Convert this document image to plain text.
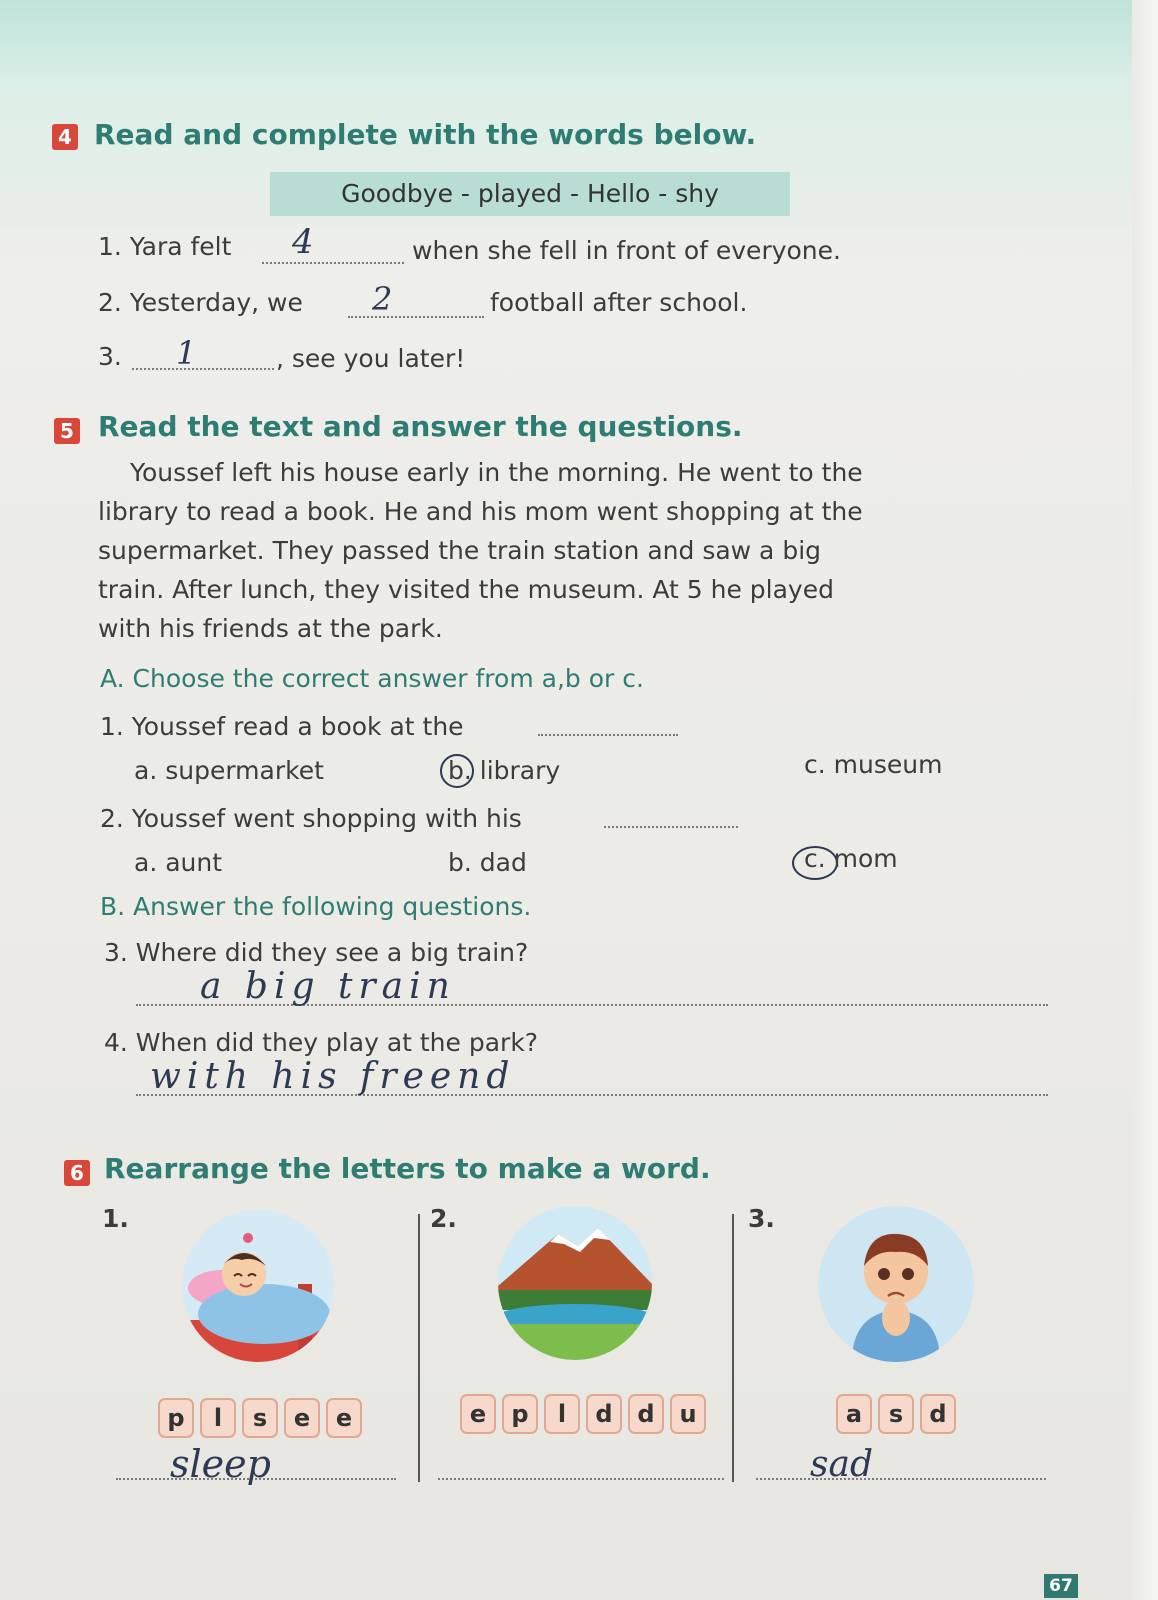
4 Read and complete with the words below.
Goodbye - played - Hello - shy
1. Yara felt 4	when she fell in front of everyone.
2. Yesterday, we 2	football after school.
3. 1	, see you later!
5 Read the text and answer the questions.
Youssef left his house early in the morning. He went to the
library to read a book. He and his mom went shopping at the
supermarket. They passed the train station and saw a big
train. After lunch, they visited the museum. At 5 he played
with his friends at the park.
A. Choose the correct answer from a,b or c.
1. Youssef read a book at the
a. supermarket	b. library	c. museum
2. Youssef went shopping with his
a. aunt	b. dad	c. mom
B. Answer the following questions.
3. Where did they see a big train?
a big train
4. When did they play at the park?
with his freend
6 Rearrange the letters to make a word.
1.	2.	3.
p l s e e	e p l d d u	a s d
sleep	sad
67
